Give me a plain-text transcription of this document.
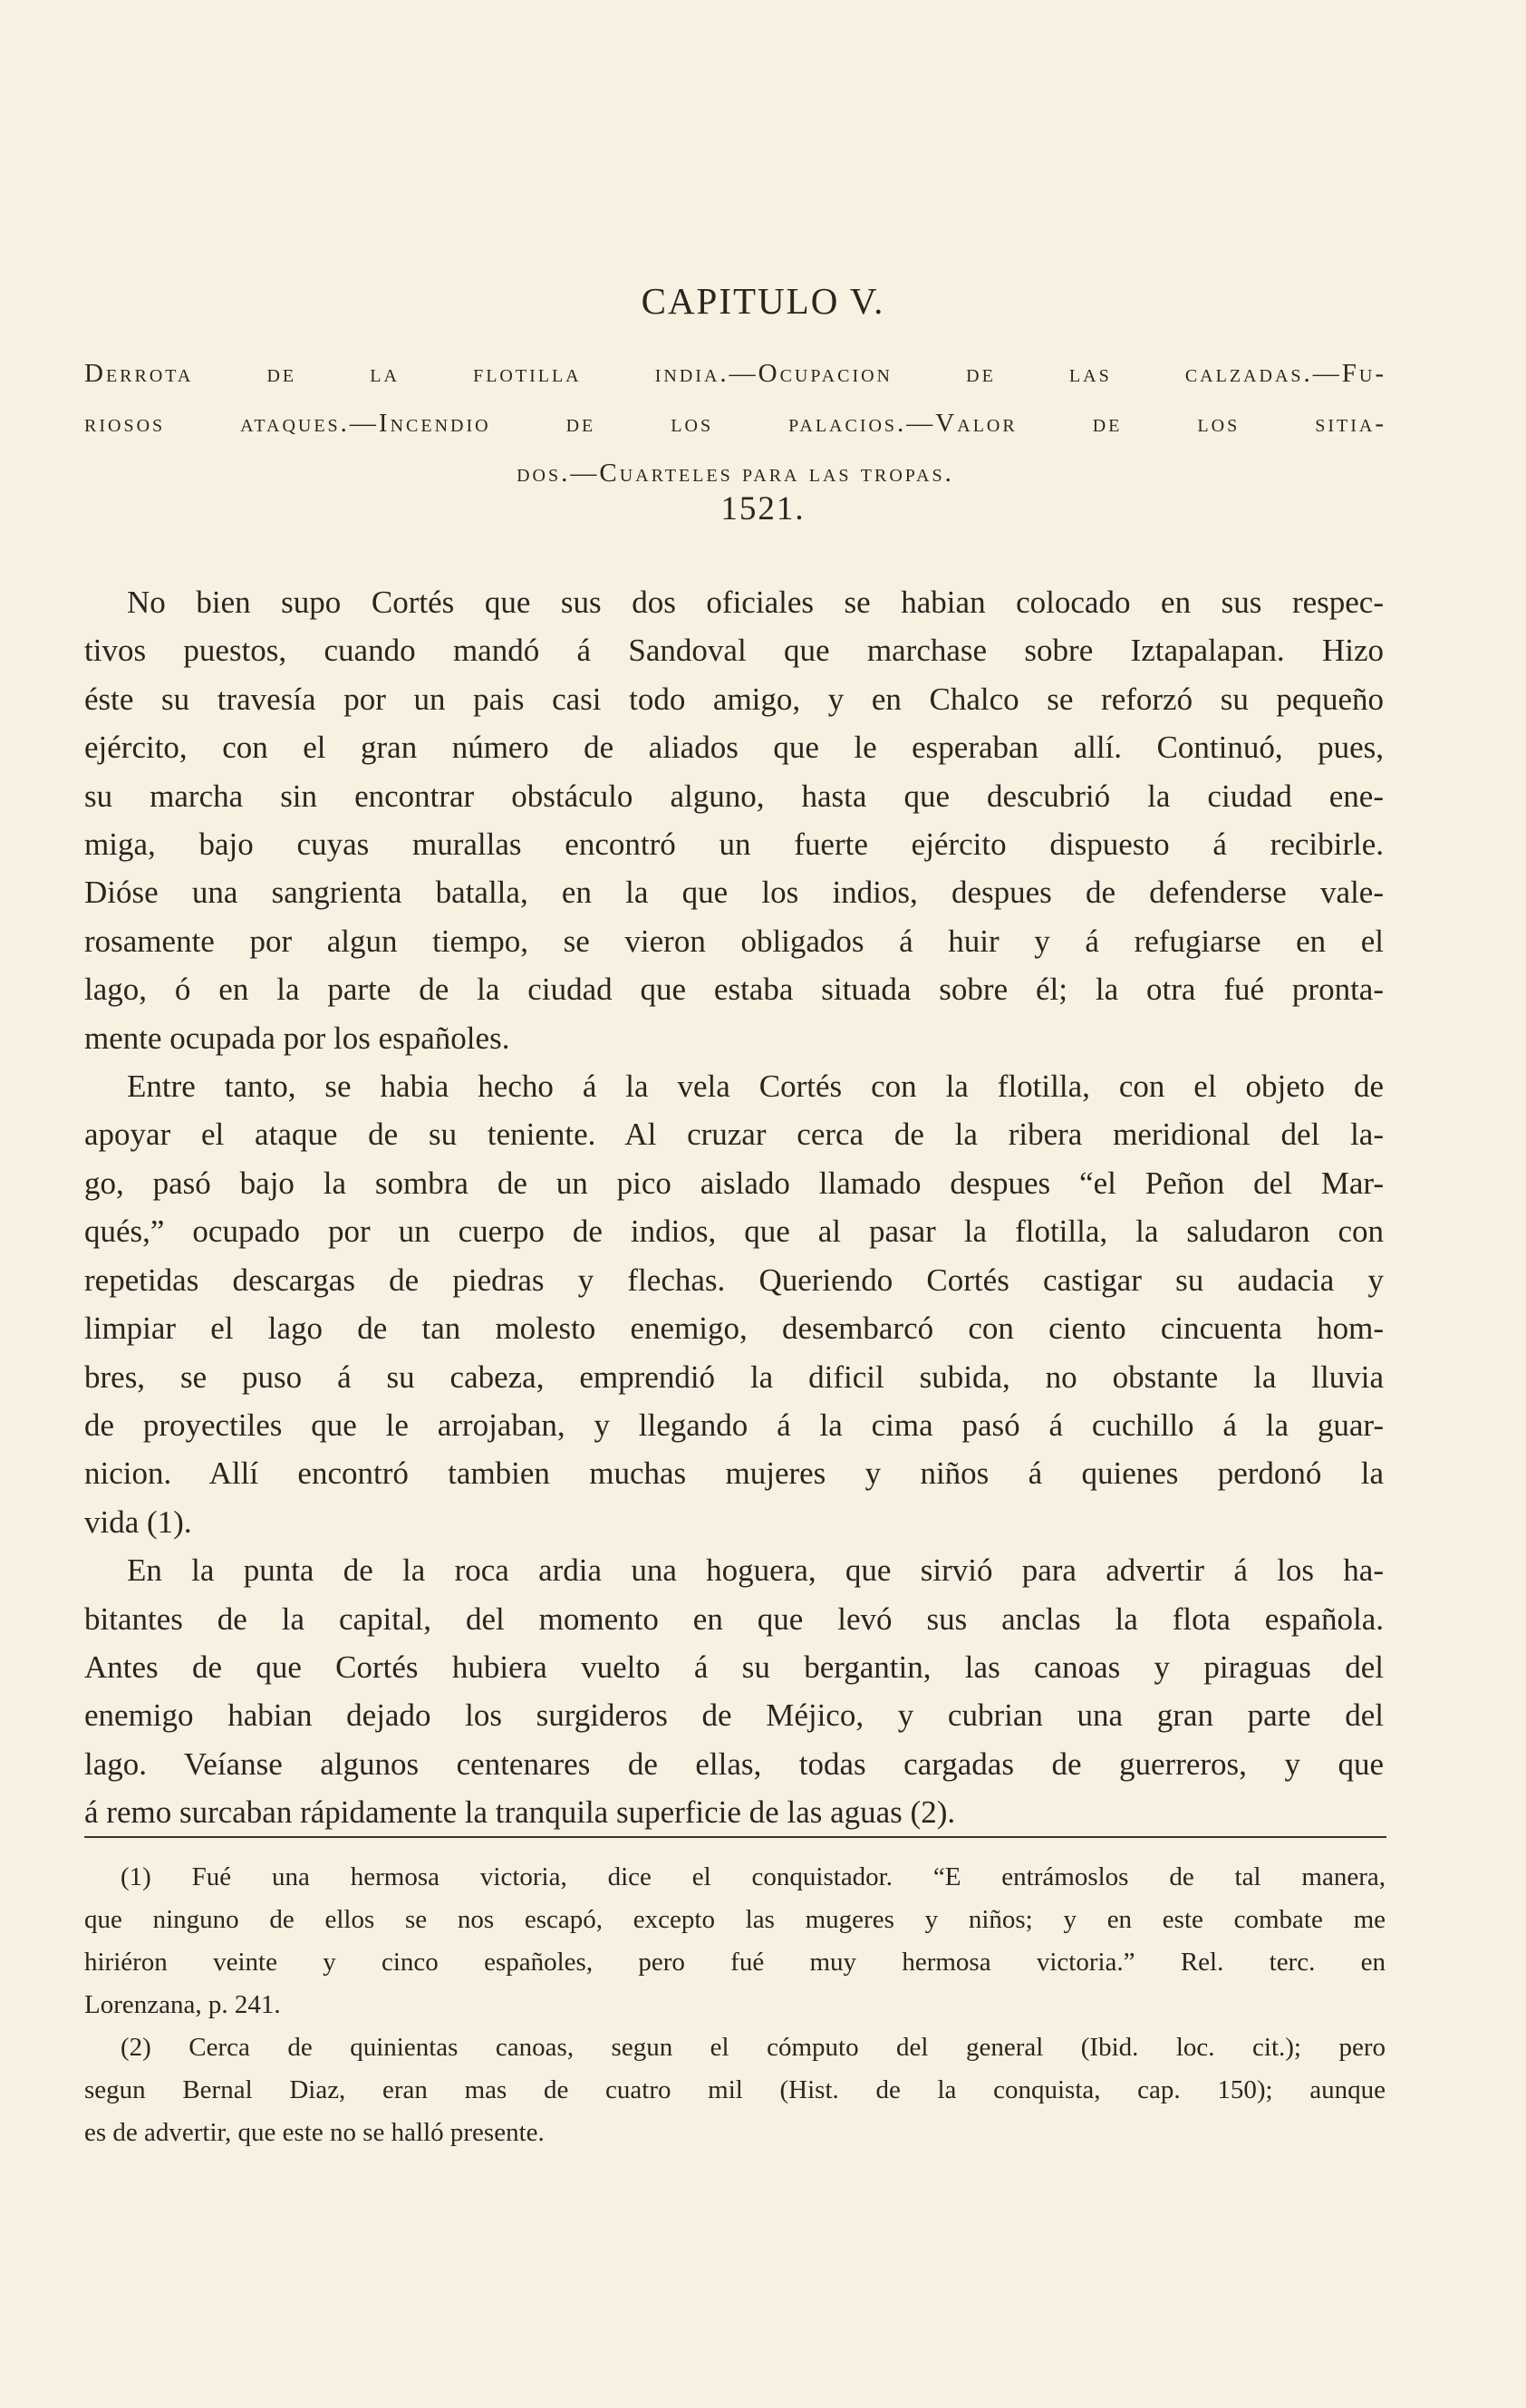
CAPITULO V.
Derrota de la flotilla india.—Ocupacion de las calzadas.—Fu-
riosos ataques.—Incendio de los palacios.—Valor de los sitia-
dos.—Cuarteles para las tropas.
1521.
No bien supo Cortés que sus dos oficiales se habian colocado en sus respec-
tivos puestos, cuando mandó á Sandoval que marchase sobre Iztapalapan. Hizo
éste su travesía por un pais casi todo amigo, y en Chalco se reforzó su pequeño
ejército, con el gran número de aliados que le esperaban allí. Continuó, pues,
su marcha sin encontrar obstáculo alguno, hasta que descubrió la ciudad ene-
miga, bajo cuyas murallas encontró un fuerte ejército dispuesto á recibirle.
Dióse una sangrienta batalla, en la que los indios, despues de defenderse vale-
rosamente por algun tiempo, se vieron obligados á huir y á refugiarse en el
lago, ó en la parte de la ciudad que estaba situada sobre él; la otra fué pronta-
mente ocupada por los españoles.
Entre tanto, se habia hecho á la vela Cortés con la flotilla, con el objeto de
apoyar el ataque de su teniente. Al cruzar cerca de la ribera meridional del la-
go, pasó bajo la sombra de un pico aislado llamado despues “el Peñon del Mar-
qués,” ocupado por un cuerpo de indios, que al pasar la flotilla, la saludaron con
repetidas descargas de piedras y flechas. Queriendo Cortés castigar su audacia y
limpiar el lago de tan molesto enemigo, desembarcó con ciento cincuenta hom-
bres, se puso á su cabeza, emprendió la dificil subida, no obstante la lluvia
de proyectiles que le arrojaban, y llegando á la cima pasó á cuchillo á la guar-
nicion. Allí encontró tambien muchas mujeres y niños á quienes perdonó la
vida (1).
En la punta de la roca ardia una hoguera, que sirvió para advertir á los ha-
bitantes de la capital, del momento en que levó sus anclas la flota española.
Antes de que Cortés hubiera vuelto á su bergantin, las canoas y piraguas del
enemigo habian dejado los surgideros de Méjico, y cubrian una gran parte del
lago. Veíanse algunos centenares de ellas, todas cargadas de guerreros, y que
á remo surcaban rápidamente la tranquila superficie de las aguas (2).
(1) Fué una hermosa victoria, dice el conquistador. “E entrámoslos de tal manera,
que ninguno de ellos se nos escapó, excepto las mugeres y niños; y en este combate me
hiriéron veinte y cinco españoles, pero fué muy hermosa victoria.” Rel. terc. en
Lorenzana, p. 241.
(2) Cerca de quinientas canoas, segun el cómputo del general (Ibid. loc. cit.); pero
segun Bernal Diaz, eran mas de cuatro mil (Hist. de la conquista, cap. 150); aunque
es de advertir, que este no se halló presente.
